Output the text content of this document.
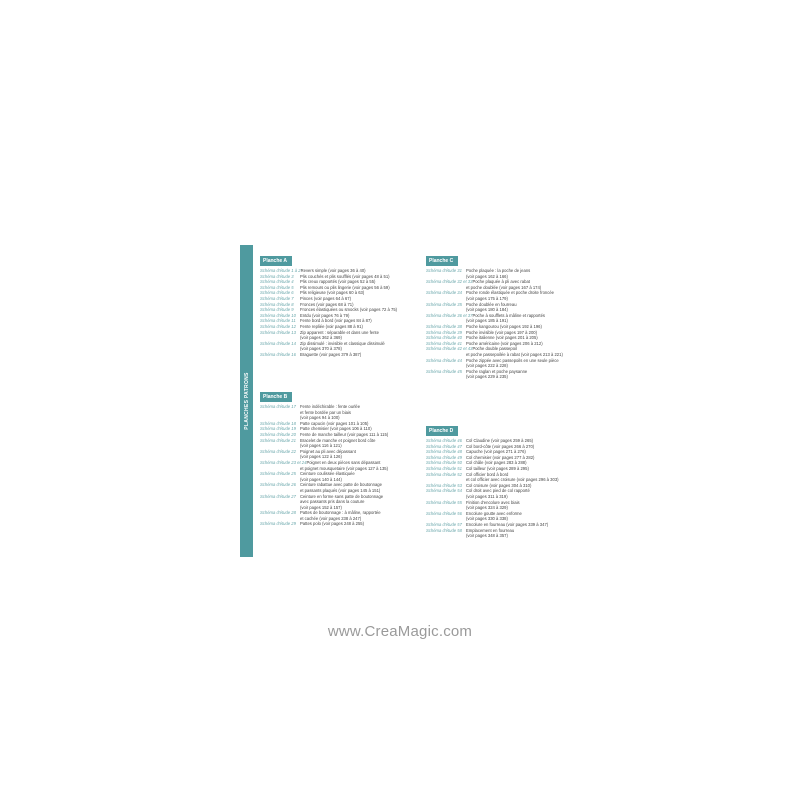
PLANCHES PATRONS
Planche A
Schéma d'étude 1 à 2 Revers simple (voir pages 36 à 40)
Schéma d'étude 3	Plis couchés et plis soufflés (voir pages 48 à 51)
Schéma d'étude 4	Plis creux rapportés (voir pages 52 à 55)
Schéma d'étude 5	Plis remours ou plis lingerie (voir pages 56 à 59)
Schéma d'étude 6	Plis religieuse (voir pages 60 à 63)
Schéma d'étude 7	Pinces (voir pages 64 à 67)
Schéma d'étude 8	Fronces (voir pages 68 à 71)
Schéma d'étude 9	Fronces élastiquées ou smocks (voir pages 72 à 75)
Schéma d'étude 10 Entdu (voir pages 76 à 79)
Schéma d'étude 11	Fente bord à bord (voir pages 84 à 87)
Schéma d'étude 12 Fente repliée (voir pages 88 à 91)
Schéma d'étude 13 Zip apparent : séparable et dans une fente
(voir pages 362 à 369)
Schéma d'étude 14 Zip dissimulé : invisible et classique dissimulé
(voir pages 370 à 378)
Schéma d'étude 16 Braguette (voir pages 379 à 387)
Planche B
Schéma d'étude 17 Fente indéchirable : fente ourlée
et fente bordée par un biais
(voir pages 94 à 100)
Schéma d'étude 18 Patte capucin (voir pages 101 à 105)
Schéma d'étude 19 Patte chemisier (voir pages 106 à 110)
Schéma d'étude 20 Fente de manche tailleur (voir pages 111 à 115)
Schéma d'étude 21 Bracelet de manche et poignet bord côte
(voir pages 116 à 121)
Schéma d'étude 22 Poignet au pli avec dépassant
(voir pages 122 à 126)
Schéma d'étude 23 et 24 Poignet en deux pièces sans dépassant
et poignet mousquetaire (voir pages 127 à 135)
Schéma d'étude 25 Ceinture coulissée élastiquée
(voir pages 140 à 144)
Schéma d'étude 26 Ceinture rabattue avec patte de boutonnage
et passants plaqués (voir pages 145 à 151)
Schéma d'étude 27 Ceinture en forme sans patte de boutonnage
avec passants pris dans la couture
(voir pages 152 à 157)
Schéma d'étude 28 Pattes de boutonnage : à mâline, rapportée
et cachée (voir pages 238 à 247)
Schéma d'étude 29 Pattes polo (voir pages 248 à 255)
Planche C
Schéma d'étude 31 Poche plaquée : la poche de jeans
(voir pages 162 à 166)
Schéma d'étude 32 et 33 Poche plaquée à pli avec rabat
et poche doublée (voir pages 167 à 174)
Schéma d'étude 34 Poche ronde élastiquée et poche droite froncée
(voir pages 175 à 179)
Schéma d'étude 35 Poche doublée en fourreau
(voir pages 180 à 184)
Schéma d'étude 36 et 37 Poche à soufflets à mâline et rapportés
(voir pages 185 à 191)
Schéma d'étude 38 Poche kangourou (voir pages 192 à 196)
Schéma d'étude 39 Poche invisible (voir pages 197 à 200)
Schéma d'étude 40 Poche italienne (voir pages 201 à 205)
Schéma d'étude 41 Poche américaine (voir pages 206 à 212)
Schéma d'étude 42 et 43 Poche double passepoil
et poche passepoilée à rabat (voir pages 213 à 221)
Schéma d'étude 44 Poche zippée avec passepoils en une seule pièce
(voir pages 222 à 228)
Schéma d'étude 45 Poche raglan et poche paysanne
(voir pages 229 à 235)
Planche D
Schéma d'étude 46 Col Claudine (voir pages 259 à 265)
Schéma d'étude 47 Col bord-côte (voir pages 266 à 270)
Schéma d'étude 48 Capuche (voir pages 271 à 276)
Schéma d'étude 49 Col chemisier (voir pages 277 à 282)
Schéma d'étude 50 Col châle (voir pages 283 à 288)
Schéma d'étude 51 Col tailleur (voir pages 289 à 295)
Schéma d'étude 52 Col officier bord à bord
et col officier avec croisure (voir pages 296 à 303)
Schéma d'étude 53 Col croisure (voir pages 304 à 310)
Schéma d'étude 54 Col droit avec pied de col rapporté
(voir pages 311 à 319)
Schéma d'étude 55 Finition d'encolure avec biais
(voir pages 324 à 329)
Schéma d'étude 56 Encolure goutte avec enforme
(voir pages 330 à 338)
Schéma d'étude 57 Encolure en fourreau (voir pages 339 à 347)
Schéma d'étude 58 Emplacement en fourreau
(voir pages 348 à 357)
www.CreaMagic.com
